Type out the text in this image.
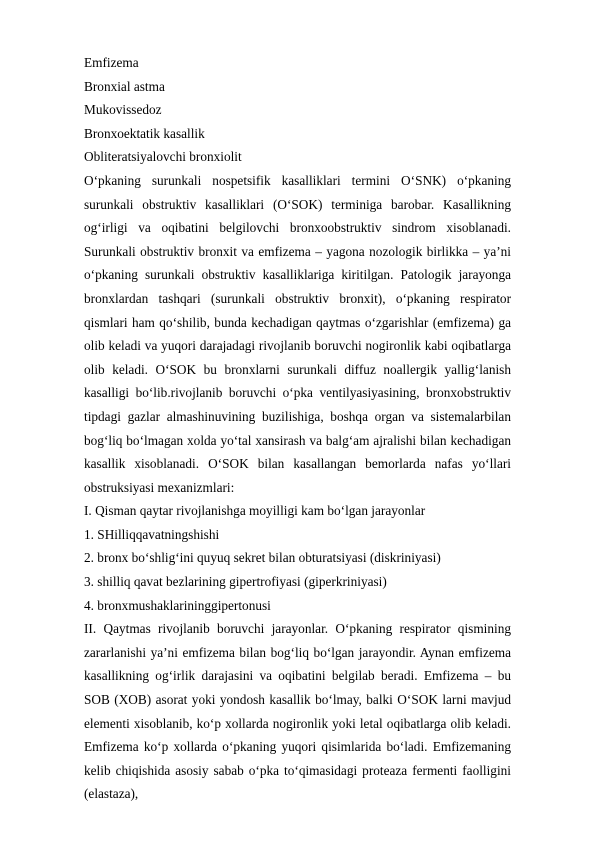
Emfizema
Bronxial astma
Mukovissedoz
Bronxoektatik kasallik
Obliteratsiyalovchi bronxiolit

O‘pkaning surunkali nospetsifik kasalliklari termini O‘SNK) o‘pkaning surunkali obstruktiv kasalliklari (O‘SOK) terminiga barobar. Kasallikning og‘irligi va oqibatini belgilovchi bronxoobstruktiv sindrom xisoblanadi. Surunkali obstruktiv bronxit va emfizema – yagona nozologik birlikka – ya’ni o‘pkaning surunkali obstruktiv kasalliklariga kiritilgan. Patologik jarayonga bronxlardan tashqari (surunkali obstruktiv bronxit), o‘pkaning respirator qismlari ham qo‘shilib, bunda kechadigan qaytmas o‘zgarishlar (emfizema) ga olib keladi va yuqori darajadagi rivojlanib boruvchi nogironlik kabi oqibatlarga olib keladi. O‘SOK bu bronxlarni surunkali diffuz noallergik yallig‘lanish kasalligi bo‘lib.rivojlanib boruvchi o‘pka ventilyasiyasining, bronxobstruktiv tipdagi gazlar almashinuvining buzilishiga, boshqa organ va sistemalarbilan bog‘liq bo‘lmagan xolda yo‘tal xansirash va balg‘am ajralishi bilan kechadigan kasallik xisoblanadi. O‘SOK bilan kasallangan bemorlarda nafas yo‘llari obstruksiyasi mexanizmlari:

I. Qisman qaytar rivojlanishga moyilligi kam bo‘lgan jarayonlar
1. SHilliqqavatningshishi
2. bronx bo‘shlig‘ini quyuq sekret bilan obturatsiyasi (diskriniyasi)
3. shilliq qavat bezlarining gipertrofiyasi (giperkriniyasi)
4. bronxmushaklarininggipertonusi

II. Qaytmas rivojlanib boruvchi jarayonlar. O‘pkaning respirator qismining zararlanishi ya’ni emfizema bilan bog‘liq bo‘lgan jarayondir. Aynan emfizema kasallikning og‘irlik darajasini va oqibatini belgilab beradi. Emfizema – bu SOB (XOB) asorat yoki yondosh kasallik bo‘lmay, balki O‘SOK larni mavjud elementi xisoblanib, ko‘p xollarda nogironlik yoki letal oqibatlarga olib keladi. Emfizema ko‘p xollarda o‘pkaning yuqori qisimlarida bo‘ladi. Emfizemaning kelib chiqishida asosiy sabab o‘pka to‘qimasidagi proteaza fermenti faolligini (elastaza),
